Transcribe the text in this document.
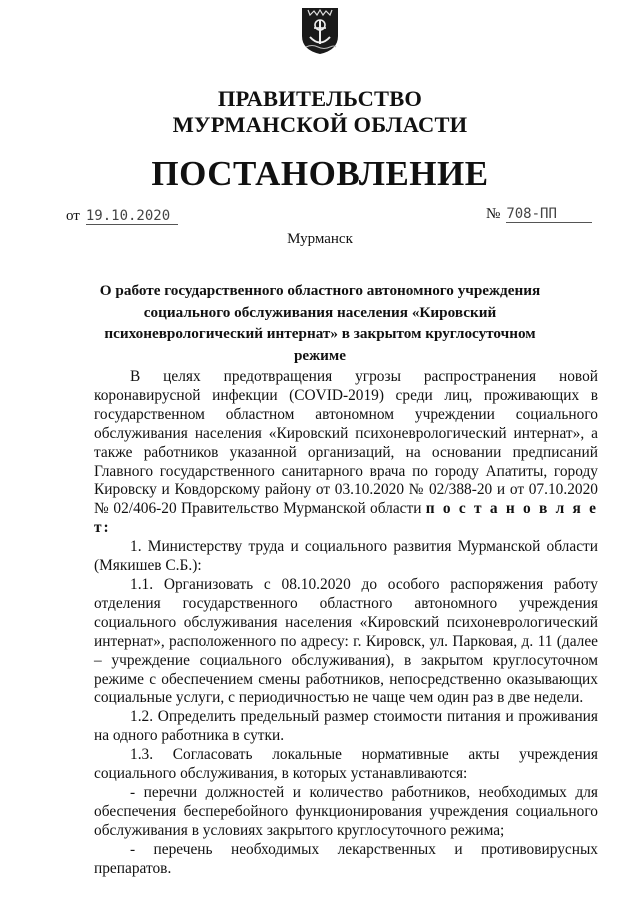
ПРАВИТЕЛЬСТВО
МУРМАНСКОЙ ОБЛАСТИ
ПОСТАНОВЛЕНИЕ
от 19.10.2020	№ 708-ПП
Мурманск
О работе государственного областного автономного учреждения социального обслуживания населения «Кировский психоневрологический интернат» в закрытом круглосуточном режиме

В целях предотвращения угрозы распространения новой коронавирусной инфекции (COVID-2019) среди лиц, проживающих в государственном областном автономном учреждении социального обслуживания населения «Кировский психоневрологический интернат», а также работников указанной организаций, на основании предписаний Главного государственного санитарного врача по городу Апатиты, городу Кировску и Ковдорскому району от 03.10.2020 № 02/388-20 и от 07.10.2020 № 02/406-20 Правительство Мурманской области п о с т а н о в л я е т:

1. Министерству труда и социального развития Мурманской области (Мякишев С.Б.):

1.1. Организовать с 08.10.2020 до особого распоряжения работу отделения государственного областного автономного учреждения социального обслуживания населения «Кировский психоневрологический интернат», расположенного по адресу: г. Кировск, ул. Парковая, д. 11 (далее – учреждение социального обслуживания), в закрытом круглосуточном режиме с обеспечением смены работников, непосредственно оказывающих социальные услуги, с периодичностью не чаще чем один раз в две недели.

1.2. Определить предельный размер стоимости питания и проживания на одного работника в сутки.

1.3. Согласовать локальные нормативные акты учреждения социального обслуживания, в которых устанавливаются:

- перечни должностей и количество работников, необходимых для обеспечения бесперебойного функционирования учреждения социального обслуживания в условиях закрытого круглосуточного режима;

- перечень необходимых лекарственных и противовирусных препаратов.
